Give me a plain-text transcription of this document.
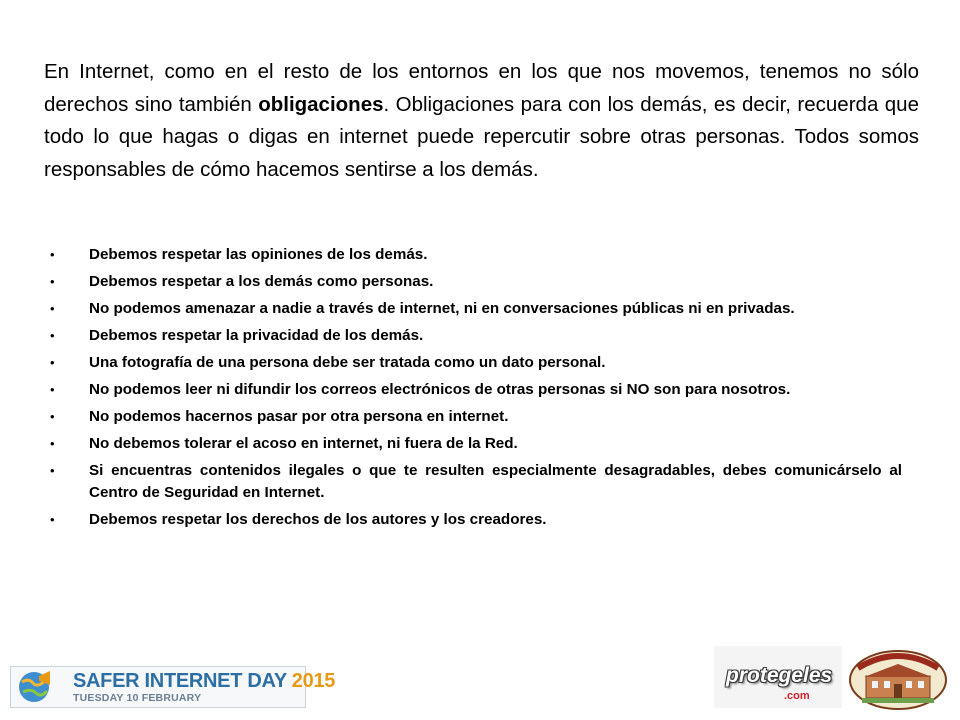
En Internet, como en el resto de los entornos en los que nos movemos, tenemos no sólo derechos sino también obligaciones. Obligaciones para con los demás, es decir, recuerda que todo lo que hagas o digas en internet puede repercutir sobre otras personas. Todos somos responsables de cómo hacemos sentirse a los demás.

• Debemos respetar las opiniones de los demás.
• Debemos respetar a los demás como personas.
• No podemos amenazar a nadie a través de internet, ni en conversaciones públicas ni en privadas.
• Debemos respetar la privacidad de los demás.
• Una fotografía de una persona debe ser tratada como un dato personal.
• No podemos leer ni difundir los correos electrónicos de otras personas si NO son para nosotros.
• No podemos hacernos pasar por otra persona en internet.
• No debemos tolerar el acoso en internet, ni fuera de la Red.
• Si encuentras contenidos ilegales o que te resulten especialmente desagradables, debes comunicárselo al Centro de Seguridad en Internet.
• Debemos respetar los derechos de los autores y los creadores.
SAFER INTERNET DAY 2015
TUESDAY 10 FEBRUARY
protegeles
.com
